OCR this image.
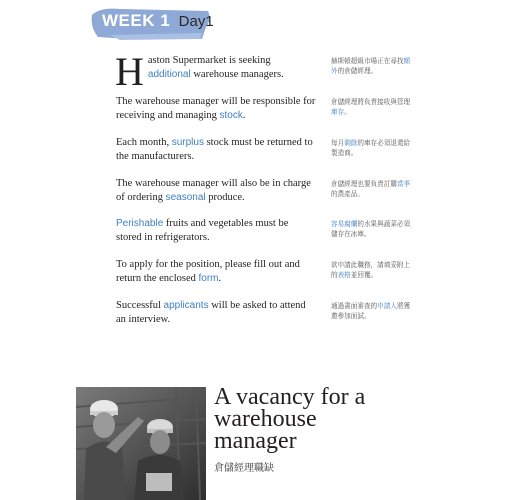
WEEK 1 Day1
H aston Supermarket is seeking additional warehouse managers.
The warehouse manager will be responsible for receiving and managing stock.
Each month, surplus stock must be returned to the manufacturers.
The warehouse manager will also be in charge of ordering seasonal produce.
Perishable fruits and vegetables must be stored in refrigerators.
To apply for the position, please fill out and return the enclosed form.
Successful applicants will be asked to attend an interview.
赫斯頓超級市場正在尋找額外的倉儲經理。
倉儲經理將負責接收與管理庫存。
每月剩餘的庫存必須退還給製造商。
倉儲經理也要負責訂購當季的農產品。
容易腐爛的水果與蔬菜必須儲存在冰庫。
欲申請此職務，請填妥附上的表格並回覆。
通過書面審查的申請人將獲邀參加面試。
A vacancy for a
warehouse
manager
倉儲經理職缺
